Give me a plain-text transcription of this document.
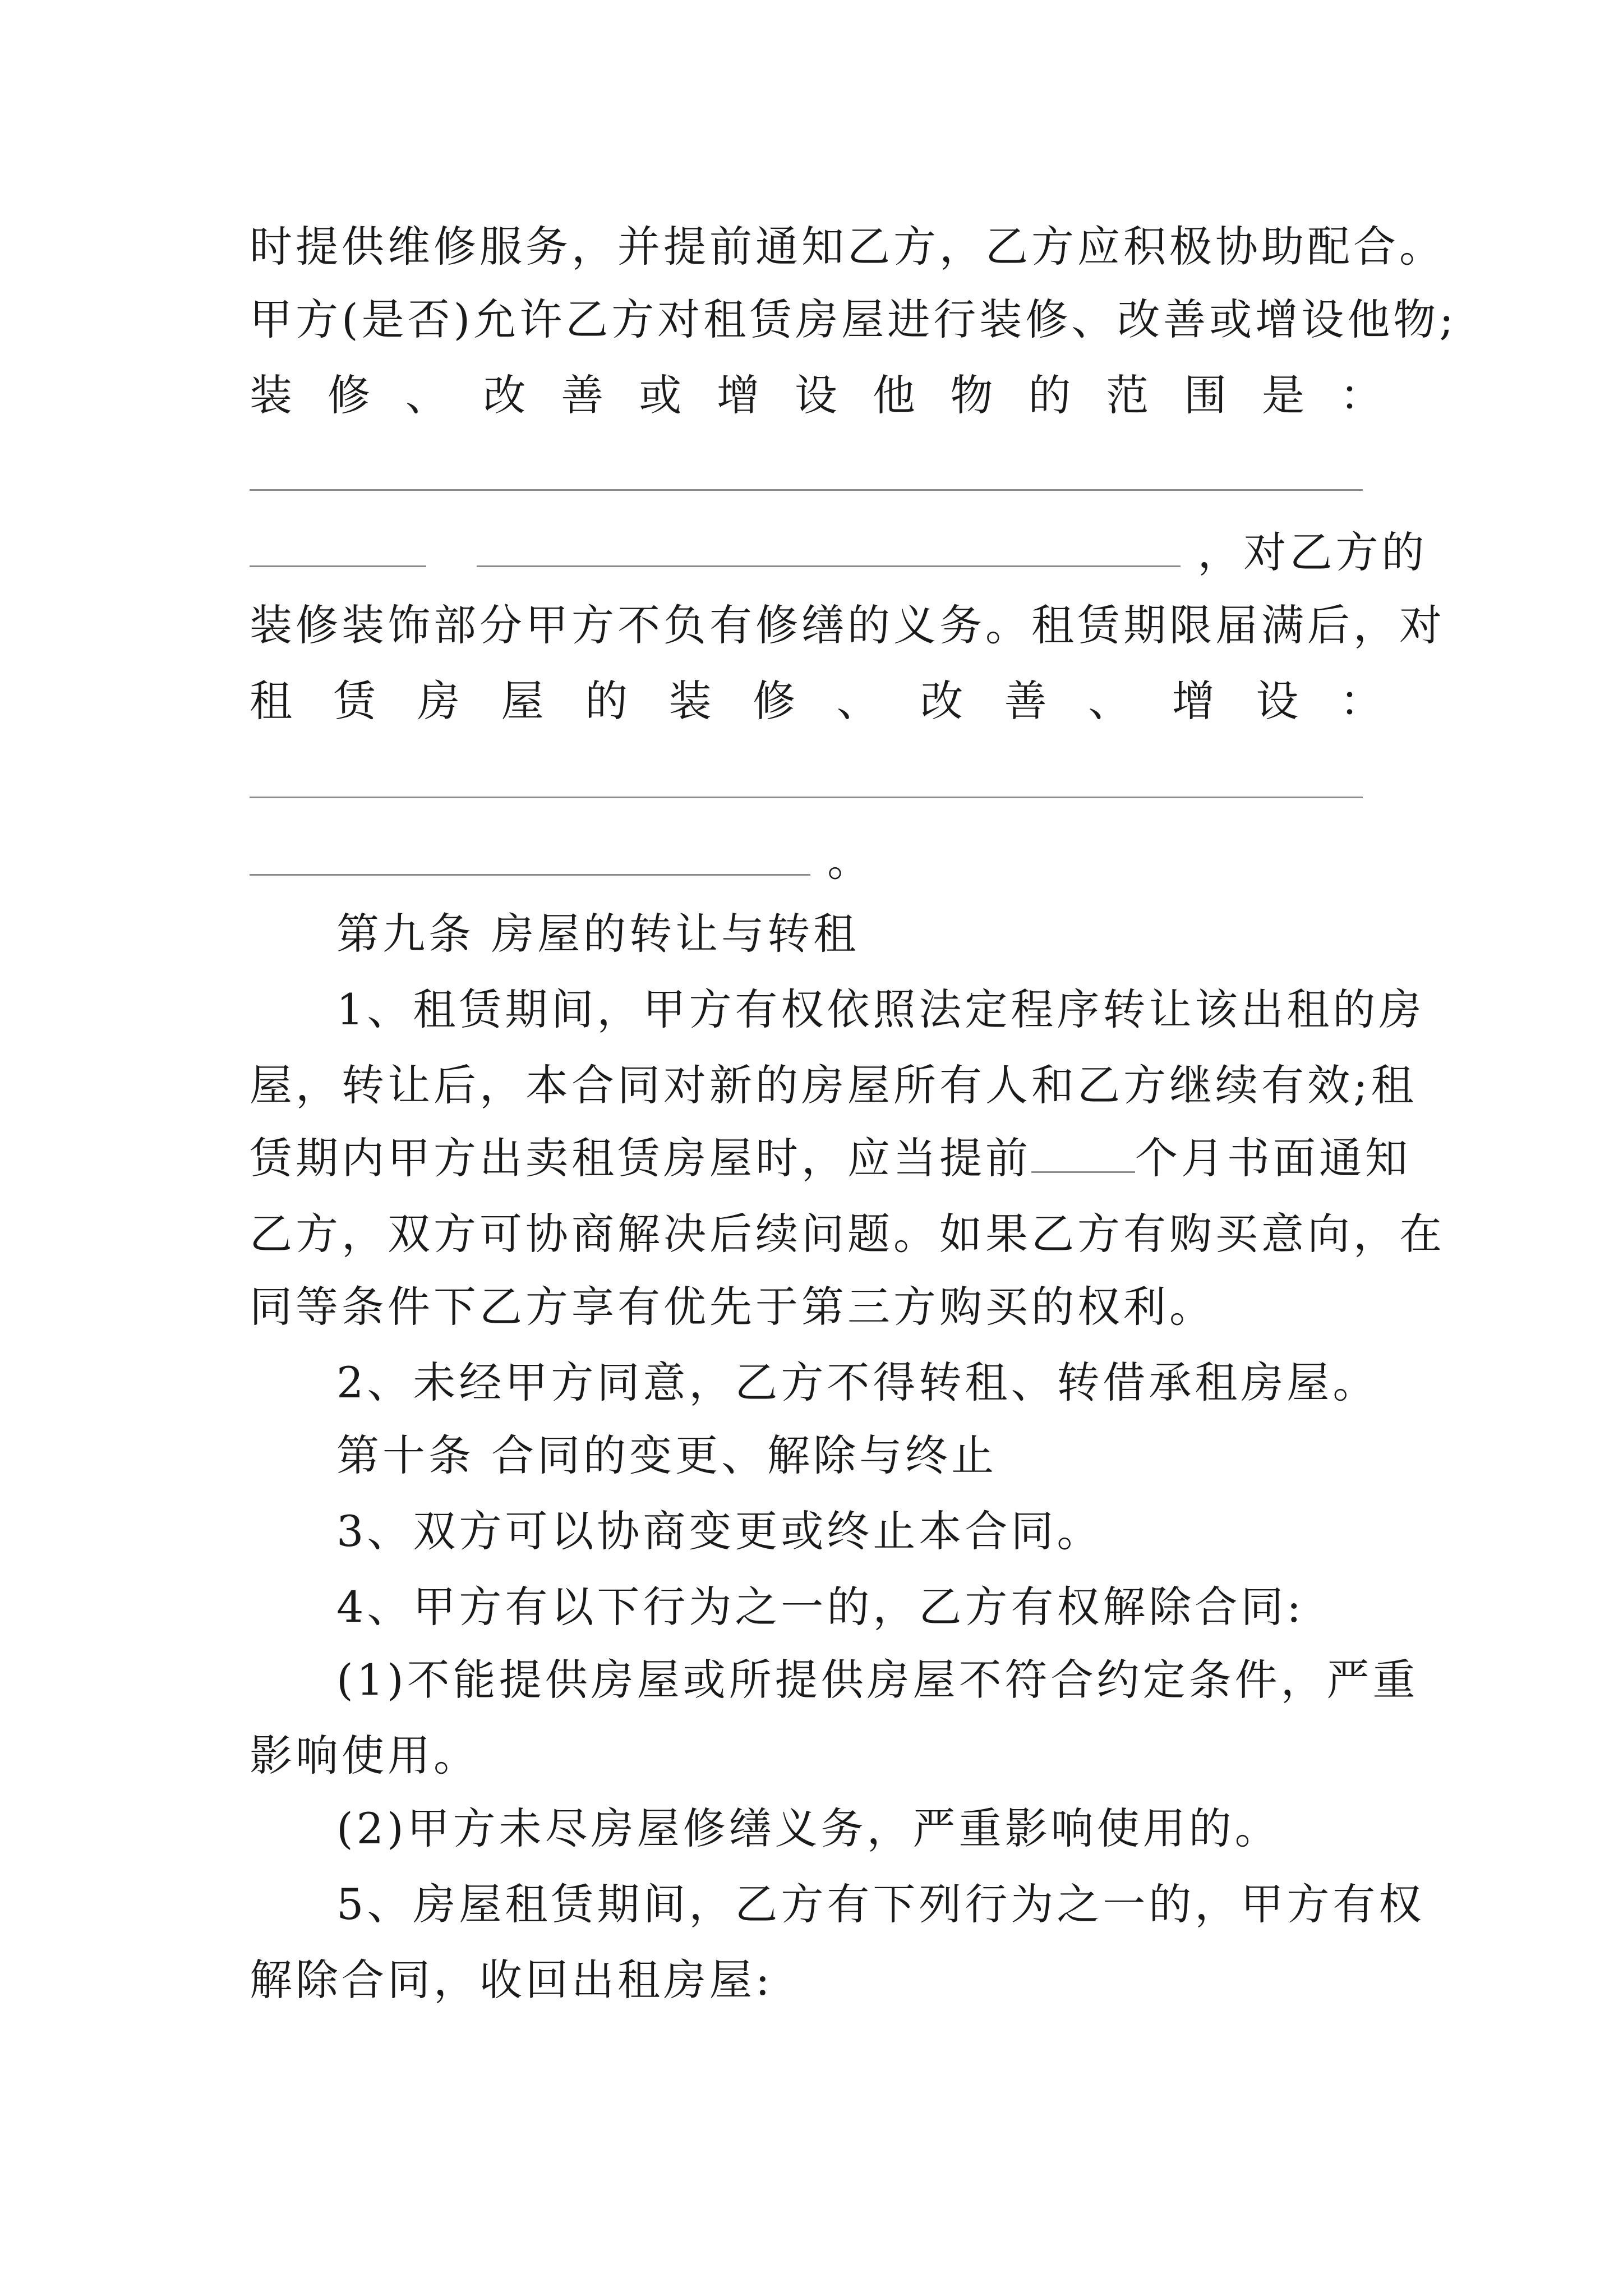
时提供维修服务，并提前通知乙方，乙方应积极协助配合。
甲方(是否)允许乙方对租赁房屋进行装修、改善或增设他物;
装 修 、 改 善 或 增 设 他 物 的 范 围 是 ：
，对乙方的
装修装饰部分甲方不负有修缮的义务。租赁期限届满后，对
租 赁 房 屋 的 装 修 、 改 善 、 增 设 ：
。
第九条 房屋的转让与转租
1、租赁期间，甲方有权依照法定程序转让该出租的房
屋，转让后，本合同对新的房屋所有人和乙方继续有效;租
赁期内甲方出卖租赁房屋时，应当提前 个月书面通知
乙方，双方可协商解决后续问题。如果乙方有购买意向，在
同等条件下乙方享有优先于第三方购买的权利。
2、未经甲方同意，乙方不得转租、转借承租房屋。
第十条 合同的变更、解除与终止
3、双方可以协商变更或终止本合同。
4、甲方有以下行为之一的，乙方有权解除合同:
(1)不能提供房屋或所提供房屋不符合约定条件，严重
影响使用。
(2)甲方未尽房屋修缮义务，严重影响使用的。
5、房屋租赁期间，乙方有下列行为之一的，甲方有权
解除合同，收回出租房屋:
